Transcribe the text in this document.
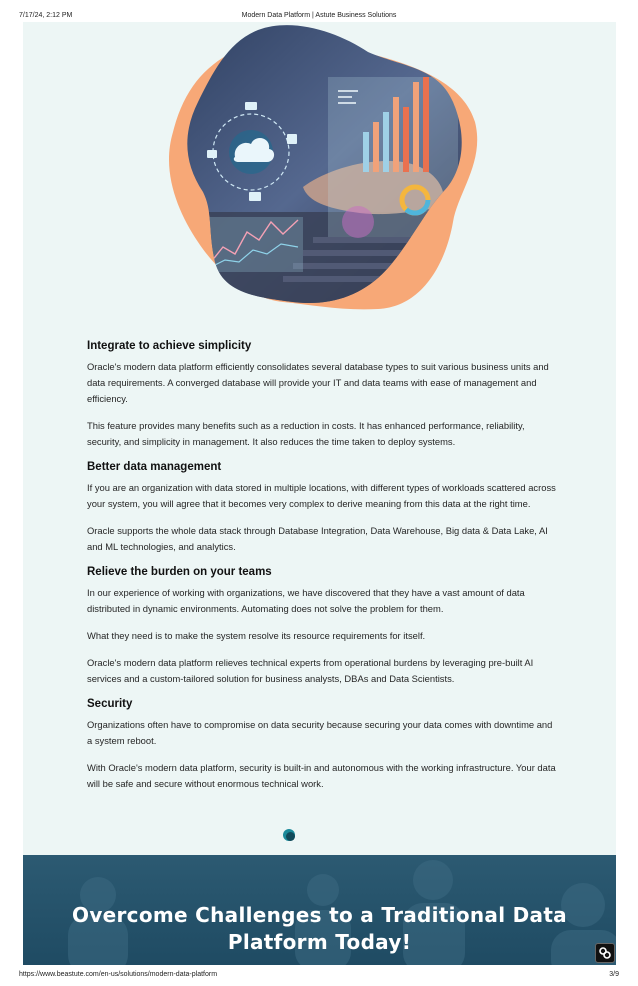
7/17/24, 2:12 PM	Modern Data Platform | Astute Business Solutions
Integrate to achieve simplicity

Oracle's modern data platform efficiently consolidates several database types to suit various business units and data requirements. A converged database will provide your IT and data teams with ease of management and efficiency.

This feature provides many benefits such as a reduction in costs. It has enhanced performance, reliability, security, and simplicity in management. It also reduces the time taken to deploy systems.

Better data management

If you are an organization with data stored in multiple locations, with different types of workloads scattered across your system, you will agree that it becomes very complex to derive meaning from this data at the right time.

Oracle supports the whole data stack through Database Integration, Data Warehouse, Big data & Data Lake, AI and ML technologies, and analytics.

Relieve the burden on your teams

In our experience of working with organizations, we have discovered that they have a vast amount of data distributed in dynamic environments. Automating does not solve the problem for them.

What they need is to make the system resolve its resource requirements for itself.

Oracle's modern data platform relieves technical experts from operational burdens by leveraging pre-built AI services and a custom-tailored solution for business analysts, DBAs and Data Scientists.

Security

Organizations often have to compromise on data security because securing your data comes with downtime and a system reboot.

With Oracle's modern data platform, security is built-in and autonomous with the working infrastructure. Your data will be safe and secure without enormous technical work.

Overcome Challenges to a Traditional Data Platform Today!
https://www.beastute.com/en-us/solutions/modern-data-platform	3/9
